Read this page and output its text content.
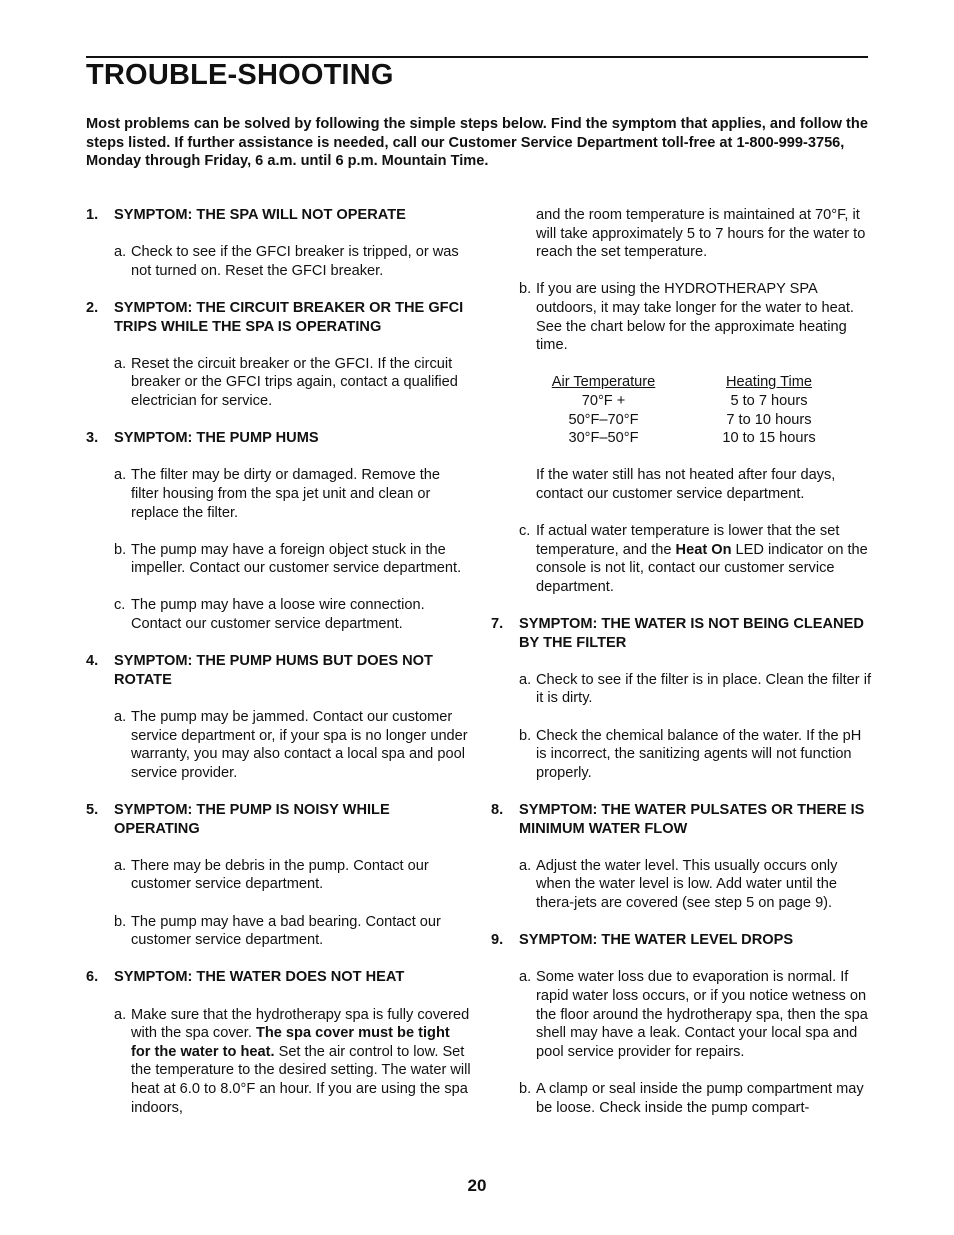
TROUBLE-SHOOTING
Most problems can be solved by following the simple steps below. Find the symptom that applies, and follow the steps listed. If further assistance is needed, call our Customer Service Department toll-free at 1-800-999-3756, Monday through Friday, 6 a.m. until 6 p.m. Mountain Time.
1.	SYMPTOM: THE SPA WILL NOT OPERATE
a. Check to see if the GFCI breaker is tripped, or was not turned on. Reset the GFCI breaker.
2.	SYMPTOM: THE CIRCUIT BREAKER OR THE GFCI TRIPS WHILE THE SPA IS OPERATING
a. Reset the circuit breaker or the GFCI. If the circuit breaker or the GFCI trips again, contact a qualified electrician for service.
3.	SYMPTOM: THE PUMP HUMS
a. The filter may be dirty or damaged. Remove the filter housing from the spa jet unit and clean or replace the filter.
b. The pump may have a foreign object stuck in the impeller. Contact our customer service department.
c. The pump may have a loose wire connection. Contact our customer service department.
4.	SYMPTOM: THE PUMP HUMS BUT DOES NOT ROTATE
a. The pump may be jammed. Contact our customer service department or, if your spa is no longer under warranty, you may also contact a local spa and pool service provider.
5.	SYMPTOM: THE PUMP IS NOISY WHILE OPERATING
a. There may be debris in the pump. Contact our customer service department.
b. The pump may have a bad bearing. Contact our customer service department.
6.	SYMPTOM: THE WATER DOES NOT HEAT
a. Make sure that the hydrotherapy spa is fully covered with the spa cover. The spa cover must be tight for the water to heat. Set the air control to low. Set the temperature to the desired setting. The water will heat at 6.0 to 8.0°F an hour. If you are using the spa indoors,
and the room temperature is maintained at 70°F, it will take approximately 5 to 7 hours for the water to reach the set temperature.
b. If you are using the HYDROTHERAPY SPA outdoors, it may take longer for the water to heat. See the chart below for the approximate heating time.
Air Temperature		Heating Time
70°F +		5 to 7 hours
50°F–70°F		7 to 10 hours
30°F–50°F		10 to 15 hours
If the water still has not heated after four days, contact our customer service department.
c. If actual water temperature is lower that the set temperature, and the Heat On LED indicator on the console is not lit, contact our customer service department.
7.	SYMPTOM: THE WATER IS NOT BEING CLEANED BY THE FILTER
a. Check to see if the filter is in place. Clean the filter if it is dirty.
b. Check the chemical balance of the water. If the pH is incorrect, the sanitizing agents will not function properly.
8.	SYMPTOM: THE WATER PULSATES OR THERE IS MINIMUM WATER FLOW
a. Adjust the water level. This usually occurs only when the water level is low. Add water until the thera-jets are covered (see step 5 on page 9).
9.	SYMPTOM: THE WATER LEVEL DROPS
a. Some water loss due to evaporation is normal. If rapid water loss occurs, or if you notice wetness on the floor around the hydrotherapy spa, then the spa shell may have a leak. Contact your local spa and pool service provider for repairs.
b. A clamp or seal inside the pump compartment may be loose. Check inside the pump compart-
20
